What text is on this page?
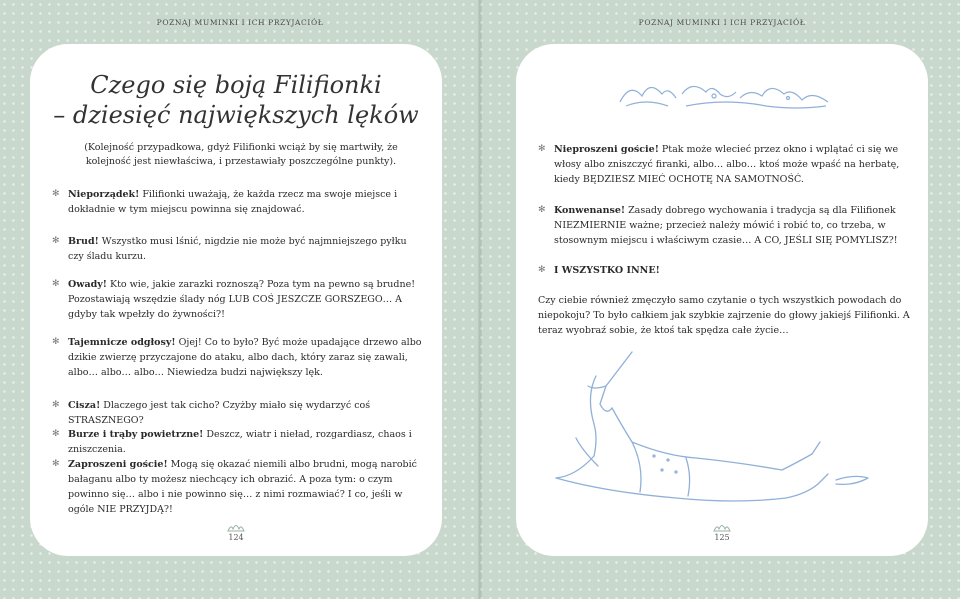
POZNAJ MUMINKI I ICH PRZYJACIÓŁ	POZNAJ MUMINKI I ICH PRZYJACIÓŁ
Czego się boją Filifionki
– dziesięć największych lęków
(Kolejność przypadkowa, gdyż Filifionki wciąż by się martwiły, że kolejność jest niewłaściwa, i przestawiały poszczególne punkty).
✻ Nieporządek! Filifionki uważają, że każda rzecz ma swoje miejsce i dokładnie w tym miejscu powinna się znajdować.
✻ Brud! Wszystko musi lśnić, nigdzie nie może być najmniejszego pyłku czy śladu kurzu.
✻ Owady! Kto wie, jakie zarazki roznoszą? Poza tym na pewno są brudne! Pozostawiają wszędzie ślady nóg LUB COŚ JESZCZE GORSZEGO… A gdyby tak wpełzły do żywności?!
✻ Tajemnicze odgłosy! Ojej! Co to było? Być może upadające drzewo albo dzikie zwierzę przyczajone do ataku, albo dach, który zaraz się zawali, albo… albo… albo… Niewiedza budzi największy lęk.
✻ Cisza! Dlaczego jest tak cicho? Czyżby miało się wydarzyć coś STRASZNEGO?
✻ Burze i trąby powietrzne! Deszcz, wiatr i nieład, rozgardiasz, chaos i zniszczenia.
✻ Zaproszeni goście! Mogą się okazać niemili albo brudni, mogą narobić bałaganu albo ty możesz niechcący ich obrazić. A poza tym: o czym powinno się… albo i nie powinno się… z nimi rozmawiać? I co, jeśli w ogóle NIE PRZYJDĄ?!
124
✻ Nieproszeni goście! Ptak może wlecieć przez okno i wplątać ci się we włosy albo zniszczyć firanki, albo… albo… ktoś może wpaść na herbatę, kiedy BĘDZIESZ MIEĆ OCHOTĘ NA SAMOTNOŚĆ.
✻ Konwenanse! Zasady dobrego wychowania i tradycja są dla Filifionek NIEZMIERNIE ważne; przecież należy mówić i robić to, co trzeba, w stosownym miejscu i właściwym czasie… A CO, JEŚLI SIĘ POMYLISZ?!
✻ I WSZYSTKO INNE!
Czy ciebie również zmęczyło samo czytanie o tych wszystkich powodach do niepokoju? To było całkiem jak szybkie zajrzenie do głowy jakiejś Filifionki. A teraz wyobraź sobie, że ktoś tak spędza całe życie…
125
